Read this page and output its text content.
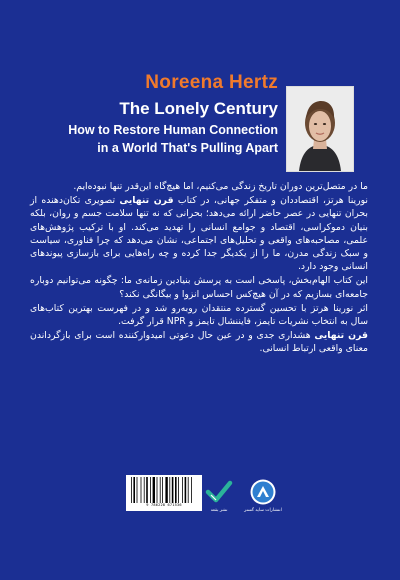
Noreena Hertz
The Lonely Century
How to Restore Human Connection
in a World That's Pulling Apart

ما در متصل‌ترین دوران تاریخ زندگی می‌کنیم، اما هیچ‌گاه این‌قدر تنها نبوده‌ایم.

نورینا هرتز، اقتصاددان و متفکر جهانی، در کتاب قرن تنهایی تصویری تکان‌دهنده از بحران تنهایی در عصر حاضر ارائه می‌دهد؛ بحرانی که نه تنها سلامت جسم و روان، بلکه بنیان دموکراسی، اقتصاد و جوامع انسانی را تهدید می‌کند. او با ترکیب پژوهش‌های علمی، مصاحبه‌های واقعی و تحلیل‌های اجتماعی، نشان می‌دهد که چرا فناوری، سیاست و سبک زندگی مدرن، ما را از یکدیگر جدا کرده و چه راه‌هایی برای بازسازی پیوندهای انسانی وجود دارد.

این کتاب الهام‌بخش، پاسخی است به پرسش بنیادین زمانه‌ی ما: چگونه می‌توانیم دوباره جامعه‌ای بسازیم که در آن هیچ‌کس احساس انزوا و بیگانگی نکند؟

اثر نورینا هرتز با تحسین گسترده منتقدان روبه‌رو شد و در فهرست بهترین کتاب‌های سال به انتخاب نشریات تایمز، فایننشال تایمز و NPR قرار گرفت.

قرن تنهایی هشداری جدی و در عین حال دعوتی امیدوارکننده است برای بازگرداندن معنای واقعی ارتباط انسانی.

9 786228 671536
نشر بقعه	انتشارات سایه گستر
